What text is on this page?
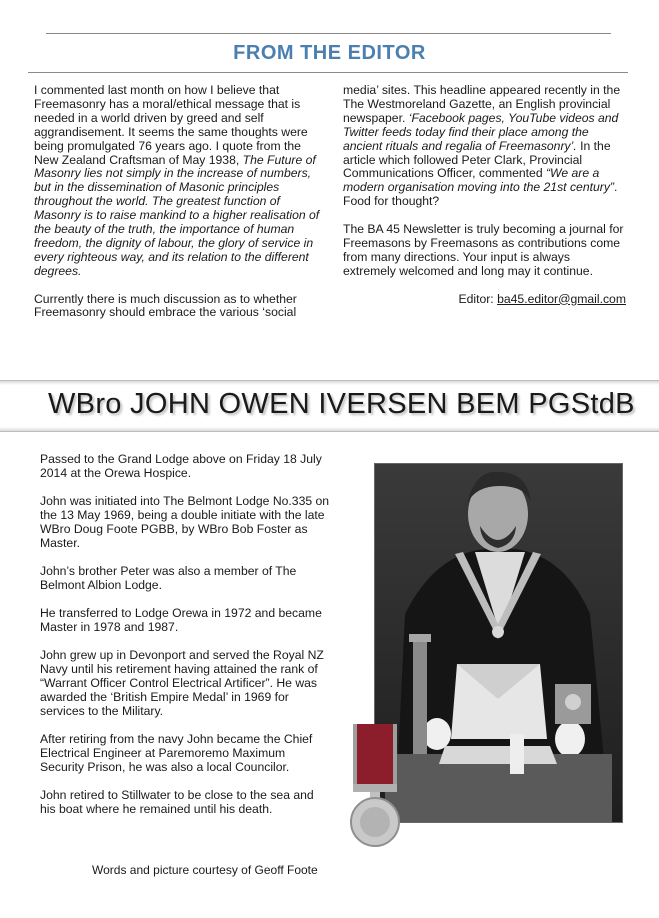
FROM THE EDITOR

I commented last month on how I believe that Freemasonry has a moral/ethical message that is needed in a world driven by greed and self aggrandisement. It seems the same thoughts were being promulgated 76 years ago. I quote from the New Zealand Craftsman of May 1938, The Future of Masonry lies not simply in the increase of numbers, but in the dissemination of Masonic principles throughout the world. The greatest function of Masonry is to raise mankind to a higher realisation of the beauty of the truth, the importance of human freedom, the dignity of labour, the glory of service in every righteous way, and its relation to the different degrees.

Currently there is much discussion as to whether Freemasonry should embrace the various ‘social

media’ sites. This headline appeared recently in the The Westmoreland Gazette, an English provincial newspaper. ‘Facebook pages, YouTube videos and Twitter feeds today find their place among the ancient rituals and regalia of Freemasonry’. In the article which followed Peter Clark, Provincial Communications Officer, commented “We are a modern organisation moving into the 21st century”. Food for thought?

The BA 45 Newsletter is truly becoming a journal for Freemasons by Freemasons as contributions come from many directions. Your input is always extremely welcomed and long may it continue.

Editor: ba45.editor@gmail.com
WBro JOHN OWEN IVERSEN BEM PGStdB

Passed to the Grand Lodge above on Friday 18 July 2014 at the Orewa Hospice.

John was initiated into The Belmont Lodge No.335 on the 13 May 1969, being a double initiate with the late WBro Doug Foote PGBB, by WBro Bob Foster as Master.

John’s brother Peter was also a member of The Belmont Albion Lodge.

He transferred to Lodge Orewa in 1972 and became Master in 1978 and 1987.

John grew up in Devonport and served the Royal NZ Navy until his retirement having attained the rank of “Warrant Officer Control Electrical Artificer”. He was awarded the ‘British Empire Medal’ in 1969 for services to the Military.

After retiring from the navy John became the Chief Electrical Engineer at Paremoremo Maximum Security Prison, he was also a local Councilor.

John retired to Stillwater to be close to the sea and his boat where he remained until his death.

Words and picture courtesy of Geoff Foote
